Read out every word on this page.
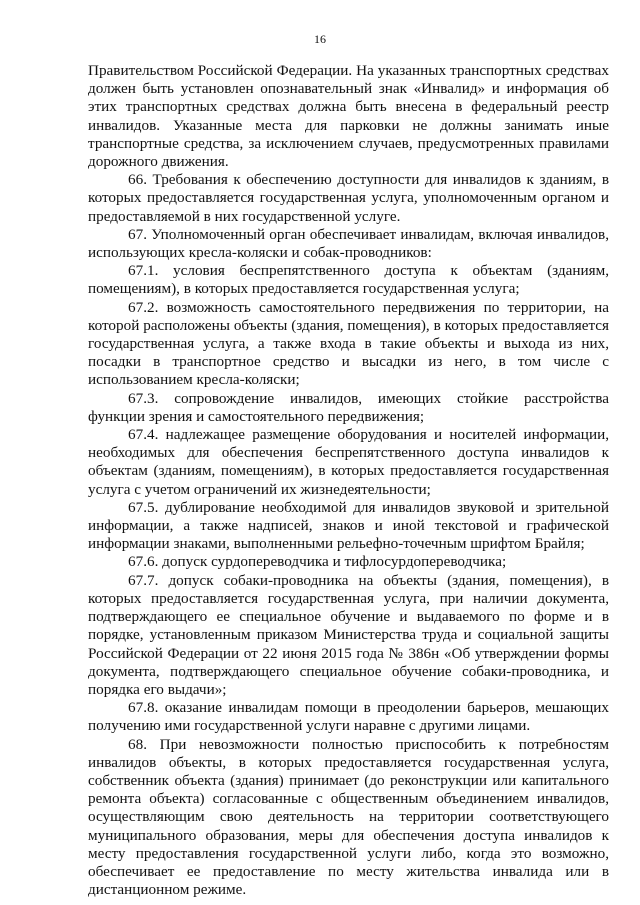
16

Правительством Российской Федерации. На указанных транспортных средствах должен быть установлен опознавательный знак «Инвалид» и информация об этих транспортных средствах должна быть внесена в федеральный реестр инвалидов. Указанные места для парковки не должны занимать иные транспортные средства, за исключением случаев, предусмотренных правилами дорожного движения.

66. Требования к обеспечению доступности для инвалидов к зданиям, в которых предоставляется государственная услуга, уполномоченным органом и предоставляемой в них государственной услуге.

67. Уполномоченный орган обеспечивает инвалидам, включая инвалидов, использующих кресла-коляски и собак-проводников:

67.1. условия беспрепятственного доступа к объектам (зданиям, помещениям), в которых предоставляется государственная услуга;

67.2. возможность самостоятельного передвижения по территории, на которой расположены объекты (здания, помещения), в которых предоставляется государственная услуга, а также входа в такие объекты и выхода из них, посадки в транспортное средство и высадки из него, в том числе с использованием кресла-коляски;

67.3. сопровождение инвалидов, имеющих стойкие расстройства функции зрения и самостоятельного передвижения;

67.4. надлежащее размещение оборудования и носителей информации, необходимых для обеспечения беспрепятственного доступа инвалидов к объектам (зданиям, помещениям), в которых предоставляется государственная услуга с учетом ограничений их жизнедеятельности;

67.5. дублирование необходимой для инвалидов звуковой и зрительной информации, а также надписей, знаков и иной текстовой и графической информации знаками, выполненными рельефно-точечным шрифтом Брайля;

67.6. допуск сурдопереводчика и тифлосурдопереводчика;

67.7. допуск собаки-проводника на объекты (здания, помещения), в которых предоставляется государственная услуга, при наличии документа, подтверждающего ее специальное обучение и выдаваемого по форме и в порядке, установленным приказом Министерства труда и социальной защиты Российской Федерации от 22 июня 2015 года № 386н «Об утверждении формы документа, подтверждающего специальное обучение собаки-проводника, и порядка его выдачи»;

67.8. оказание инвалидам помощи в преодолении барьеров, мешающих получению ими государственной услуги наравне с другими лицами.

68. При невозможности полностью приспособить к потребностям инвалидов объекты, в которых предоставляется государственная услуга, собственник объекта (здания) принимает (до реконструкции или капитального ремонта объекта) согласованные с общественным объединением инвалидов, осуществляющим свою деятельность на территории соответствующего муниципального образования, меры для обеспечения доступа инвалидов к месту предоставления государственной услуги либо, когда это возможно, обеспечивает ее предоставление по месту жительства инвалида или в дистанционном режиме.
